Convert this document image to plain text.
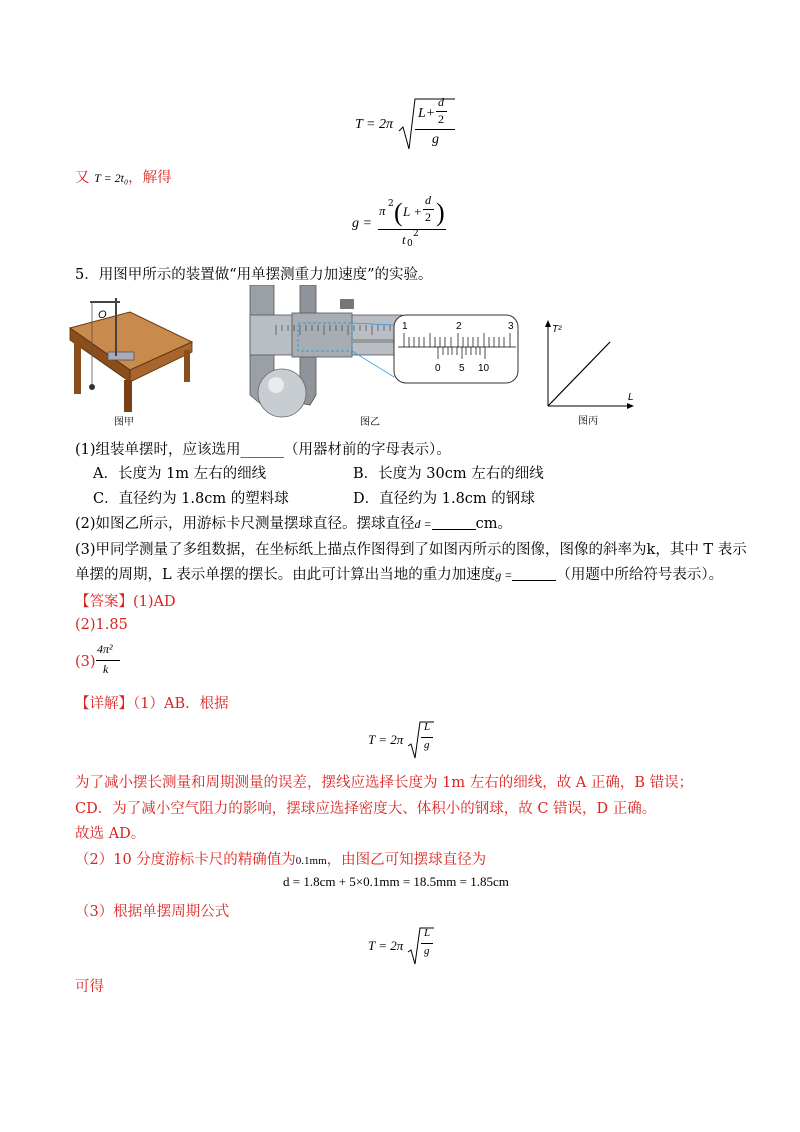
T = 2π
L+
d
2
g
又 T = 2t₀，解得
g =
π 2 ( L +
d
2 )
t 0
2
5．用图甲所示的装置做“用单摆测重力加速度”的实验。
O
图甲
1	2	3
0 5 10
图乙
T²
L
图丙
(1)组装单摆时，应该选用______（用器材前的字母表示）。
A．长度为 1m 左右的细线	B．长度为 30cm 左右的细线
C．直径约为 1.8cm 的塑料球	D．直径约为 1.8cm 的钢球
(2)如图乙所示，用游标卡尺测量摆球直径。摆球直径d =	cm。
(3)甲同学测量了多组数据，在坐标纸上描点作图得到了如图丙所示的图像，图像的斜率为k，其中 T 表示
单摆的周期，L 表示单摆的摆长。由此可计算出当地的重力加速度g =	（用题中所给符号表示）。
【答案】(1)AD
(2)1.85
(3)
4π²
k
【详解】（1）AB．根据
T = 2π
L
g
为了减小摆长测量和周期测量的误差，摆线应选择长度为 1m 左右的细线，故 A 正确，B 错误；
CD．为了减小空气阻力的影响，摆球应选择密度大、体积小的钢球，故 C 错误，D 正确。
故选 AD。
（2）10 分度游标卡尺的精确值为0.1mm，由图乙可知摆球直径为
d = 1.8cm + 5×0.1mm = 18.5mm = 1.85cm
（3）根据单摆周期公式
T = 2π
L
g
可得
